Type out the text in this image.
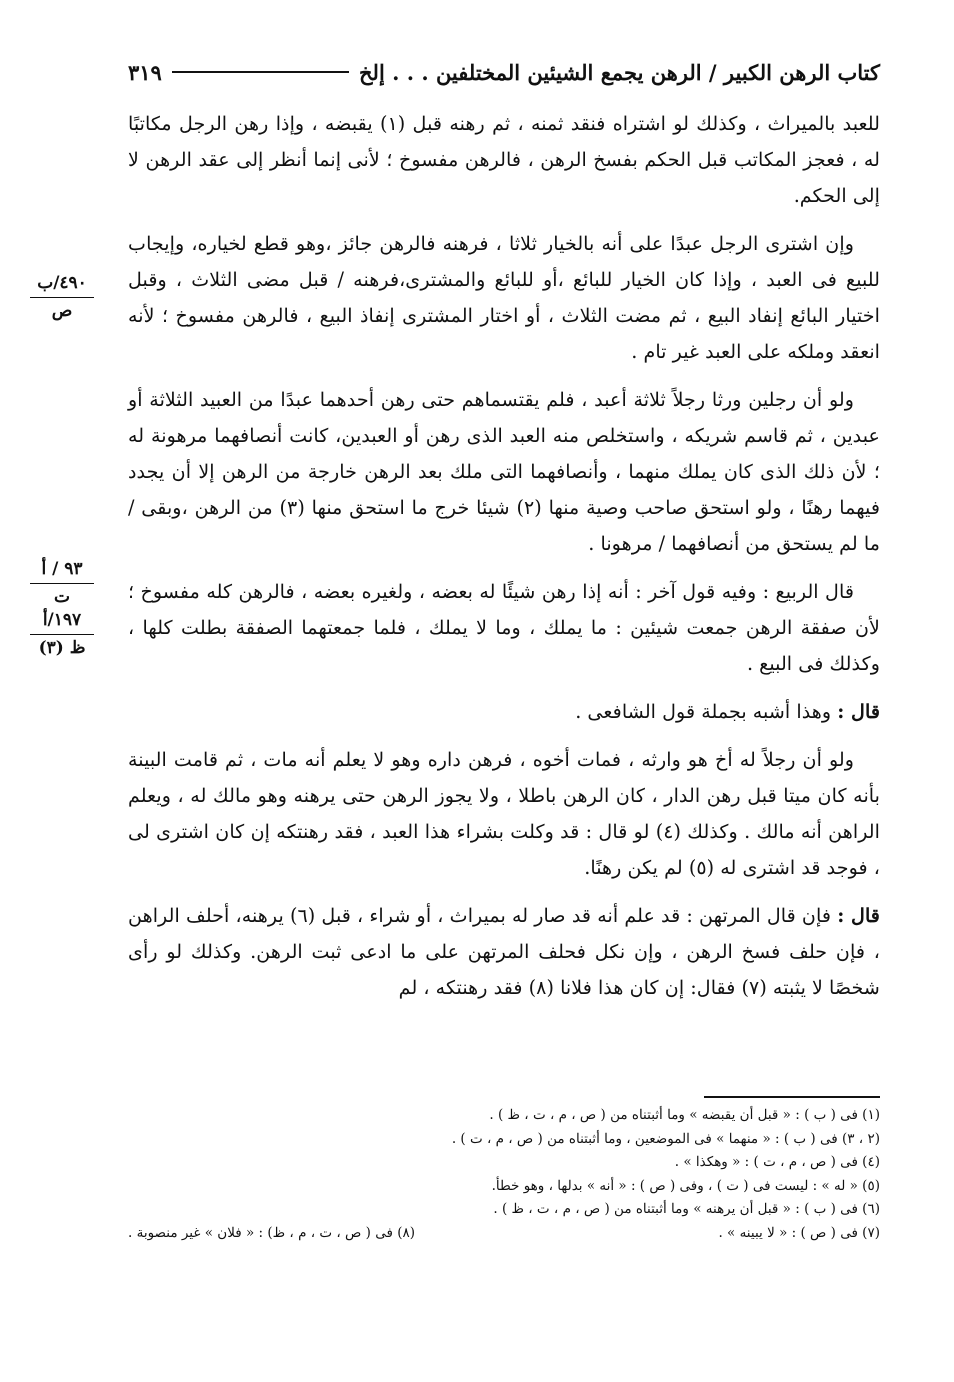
كتاب الرهن الكبير / الرهن يجمع الشيئين المختلفين . . . إلخ
٣١٩

للعبد بالميراث ، وكذلك لو اشتراه فنقد ثمنه ، ثم رهنه قبل (١) يقبضه ، وإذا رهن الرجل مكاتبًا له ، فعجز المكاتب قبل الحكم بفسخ الرهن ، فالرهن مفسوخ ؛ لأنى إنما أنظر إلى عقد الرهن لا إلى الحكم.

وإن اشترى الرجل عبدًا على أنه بالخيار ثلاثا ، فرهنه فالرهن جائز ،وهو قطع لخياره، وإيجاب للبيع فى العبد ، وإذا كان الخيار للبائع ،أو للبائع والمشترى،فرهنه / قبل مضى الثلاث ، وقبل اختيار البائع إنفاد البيع ، ثم مضت الثلاث ، أو اختار المشترى إنفاذ البيع ، فالرهن مفسوخ ؛ لأنه انعقد وملكه على العبد غير تام .

ولو أن رجلين ورثا رجلاً ثلاثة أعبد ، فلم يقتسماهم حتى رهن أحدهما عبدًا من العبيد الثلاثة أو عبدين ، ثم قاسم شريكه ، واستخلص منه العبد الذى رهن أو العبدين، كانت أنصافهما مرهونة له ؛ لأن ذلك الذى كان يملك منهما ، وأنصافهما التى ملك بعد الرهن خارجة من الرهن إلا أن يجدد فيهما رهنًا ، ولو استحق صاحب وصية منها (٢) شيئا خرج ما استحق منها (٣) من الرهن ،وبقى / ما لم يستحق من أنصافهما / مرهونا .

قال الربيع : وفيه قول آخر : أنه إذا رهن شيئًا له بعضه ، ولغيره بعضه ، فالرهن كله مفسوخ ؛ لأن صفقة الرهن جمعت شيئين : ما يملك ، وما لا يملك ، فلما جمعتهما الصفقة بطلت كلها ، وكذلك فى البيع .

قال : وهذا أشبه بجملة قول الشافعى .

ولو أن رجلاً له أخ هو وارثه ، فمات أخوه ، فرهن داره وهو لا يعلم أنه مات ، ثم قامت البينة بأنه كان ميتا قبل رهن الدار ، كان الرهن باطلا ، ولا يجوز الرهن حتى يرهنه وهو مالك له ، ويعلم الراهن أنه مالك . وكذلك (٤) لو قال : قد وكلت بشراء هذا العبد ، فقد رهنتكه إن كان اشترى لى ، فوجد قد اشترى له (٥) لم يكن رهنًا.

قال : فإن قال المرتهن : قد علم أنه قد صار له بميراث ، أو شراء ، قبل (٦) يرهنه، أحلف الراهن ، فإن حلف فسخ الرهن ، وإن نكل فحلف المرتهن على ما ادعى ثبت الرهن. وكذلك لو رأى شخصًا لا يثبته (٧) فقال: إن كان هذا فلانا (٨) فقد رهنتكه ، لم

٤٩٠/ب
ص
٩٣ / أ
ت
١٩٧/أ
ظ (٣)
(١) فى ( ب ) : « قبل أن يقبضه » وما أثبتناه من ( ص ، م ، ت ، ظ ) .
(٢ ، ٣) فى ( ب ) : « منهما » فى الموضعين ، وما أثبتناه من ( ص ، م ، ت ) .
(٤) فى ( ص ، م ، ت ) : « وهكذا » .
(٥) « له » : ليست فى ( ت ) ، وفى ( ص ) : « أنه » بدلها ، وهو خطأ.
(٦) فى ( ب ) : « قبل أن يرهنه » وما أثبتناه من ( ص ، م ، ت ، ظ ) .
(٧) فى ( ص ) : « لا يبينه » .
(٨) فى ( ص ، ت ، م ، ظ) : « فلان » غير منصوبة .
